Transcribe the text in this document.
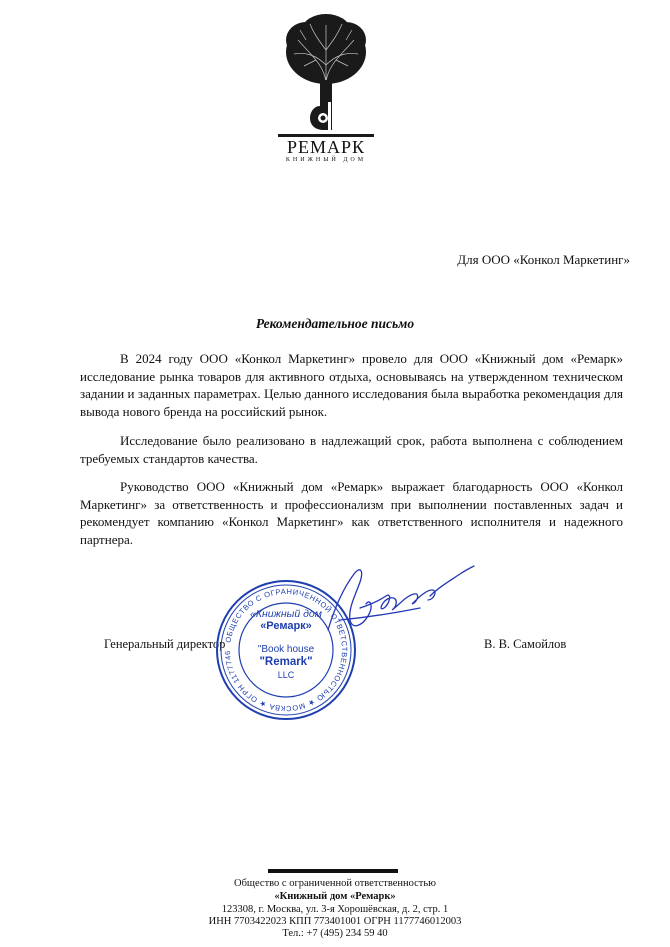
РЕМАРК
КНИЖНЫЙ ДОМ
Для ООО «Конкол Маркетинг»
Рекомендательное письмо

В 2024 году ООО «Конкол Маркетинг» провело для ООО «Книжный дом «Ремарк» исследование рынка товаров для активного отдыха, основываясь на утвержденном техническом задании и заданных параметрах. Целью данного исследования была выработка рекомендация для вывода нового бренда на российский рынок.

Исследование было реализовано в надлежащий срок, работа выполнена с соблюдением требуемых стандартов качества.

Руководство ООО «Книжный дом «Ремарк» выражает благодарность ООО «Конкол Маркетинг» за ответственность и профессионализм при выполнении поставленных задач и рекомендует компанию «Конкол Маркетинг» как ответственного исполнителя и надежного партнера.

Генеральный директор	В. В. Самойлов
ОБЩЕСТВО С ОГРАНИЧЕННОЙ ОТВЕТСТВЕННОСТЬЮ ★ МОСКВА ★ ОГРН 1177746
«Книжный дом
«Ремарк»
"Book house
"Remark"
LLC
Общество с ограниченной ответственностью
«Книжный дом «Ремарк»
123308, г. Москва, ул. 3-я Хорошёвская, д. 2, стр. 1
ИНН 7703422023 КПП 773401001 ОГРН 1177746012003
Тел.: +7 (495) 234 59 40
